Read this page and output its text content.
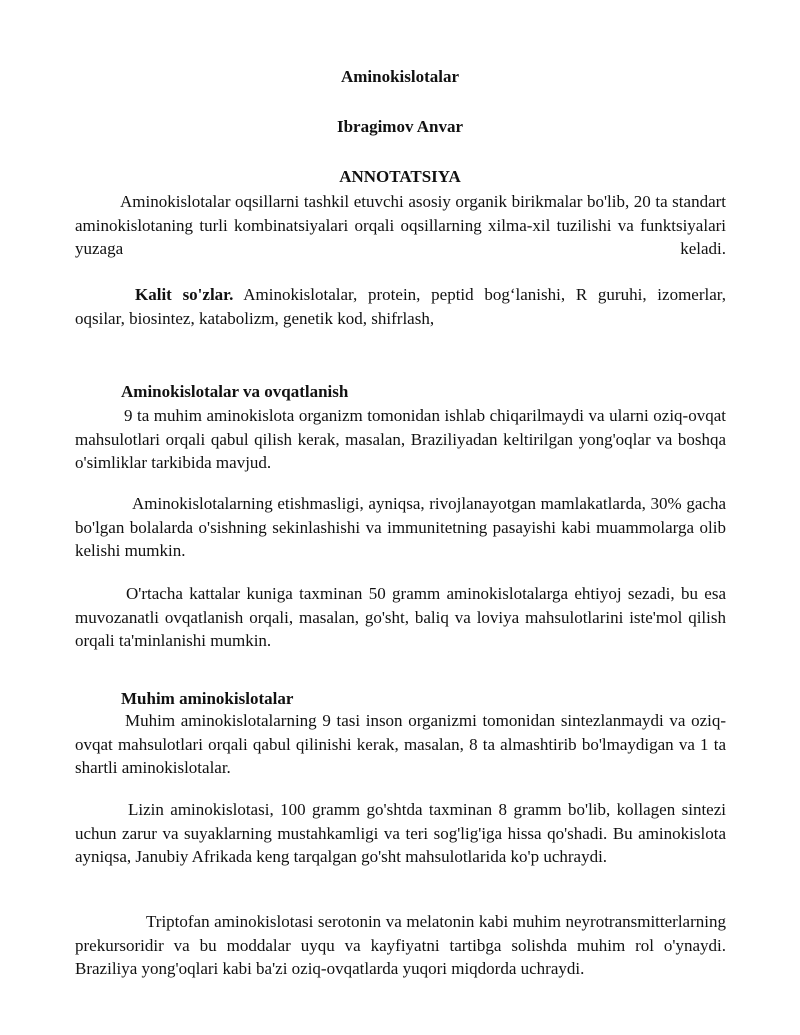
Aminokislotalar
Ibragimov Anvar
ANNOTATSIYA
Aminokislotalar oqsillarni tashkil etuvchi asosiy organik birikmalar bo'lib, 20 ta standart aminokislotaning turli kombinatsiyalari orqali oqsillarning xilma-xil tuzilishi va funktsiyalari yuzaga keladi.
Kalit so'zlar. Aminokislotalar, protein, peptid bog‘lanishi, R guruhi, izomerlar, oqsilar, biosintez, katabolizm, genetik kod, shifrlash,
Aminokislotalar va ovqatlanish
9 ta muhim aminokislota organizm tomonidan ishlab chiqarilmaydi va ularni oziq-ovqat mahsulotlari orqali qabul qilish kerak, masalan, Braziliyadan keltirilgan yong'oqlar va boshqa o'simliklar tarkibida mavjud.
Aminokislotalarning etishmasligi, ayniqsa, rivojlanayotgan mamlakatlarda, 30% gacha bo'lgan bolalarda o'sishning sekinlashishi va immunitetning pasayishi kabi muammolarga olib kelishi mumkin.
O'rtacha kattalar kuniga taxminan 50 gramm aminokislotalarga ehtiyoj sezadi, bu esa muvozanatli ovqatlanish orqali, masalan, go'sht, baliq va loviya mahsulotlarini iste'mol qilish orqali ta'minlanishi mumkin.
Muhim aminokislotalar
Muhim aminokislotalarning 9 tasi inson organizmi tomonidan sintezlanmaydi va oziq-ovqat mahsulotlari orqali qabul qilinishi kerak, masalan, 8 ta almashtirib bo'lmaydigan va 1 ta shartli aminokislotalar.
Lizin aminokislotasi, 100 gramm go'shtda taxminan 8 gramm bo'lib, kollagen sintezi uchun zarur va suyaklarning mustahkamligi va teri sog'lig'iga hissa qo'shadi. Bu aminokislota ayniqsa, Janubiy Afrikada keng tarqalgan go'sht mahsulotlarida ko'p uchraydi.
Triptofan aminokislotasi serotonin va melatonin kabi muhim neyrotransmitterlarning prekursoridir va bu moddalar uyqu va kayfiyatni tartibga solishda muhim rol o'ynaydi. Braziliya yong'oqlari kabi ba'zi oziq-ovqatlarda yuqori miqdorda uchraydi.
